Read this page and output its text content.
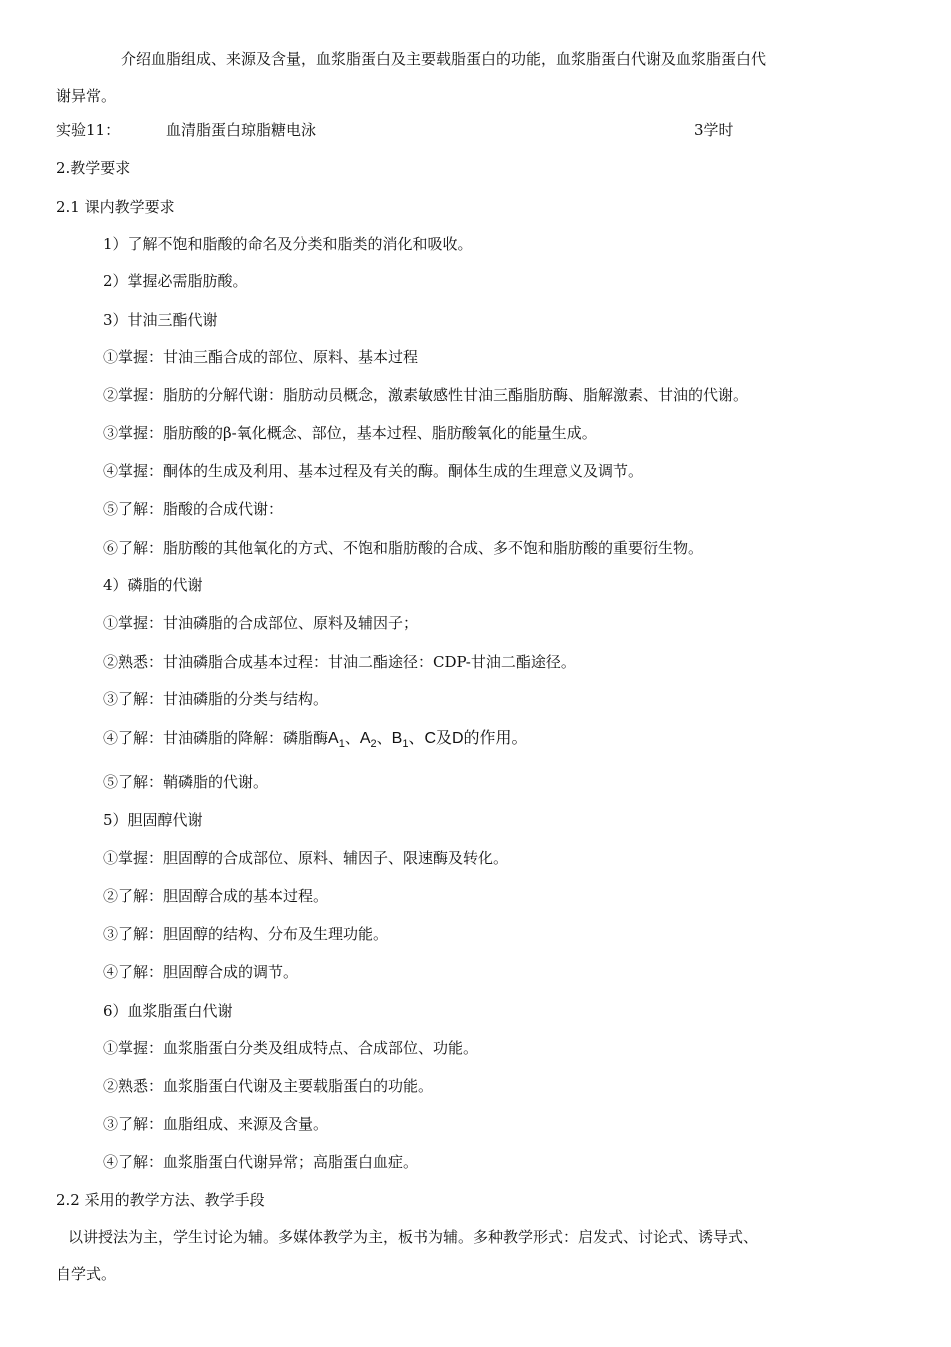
介绍血脂组成、来源及含量，血浆脂蛋白及主要载脂蛋白的功能，血浆脂蛋白代谢及血浆脂蛋白代
谢异常。
实验11：	血清脂蛋白琼脂糖电泳	3学时
2.教学要求
2.1 课内教学要求
1）了解不饱和脂酸的命名及分类和脂类的消化和吸收。
2）掌握必需脂肪酸。
3）甘油三酯代谢
①掌握：甘油三酯合成的部位、原料、基本过程
②掌握：脂肪的分解代谢：脂肪动员概念，激素敏感性甘油三酯脂肪酶、脂解激素、甘油的代谢。
③掌握：脂肪酸的β-氧化概念、部位，基本过程、脂肪酸氧化的能量生成。
④掌握：酮体的生成及利用、基本过程及有关的酶。酮体生成的生理意义及调节。
⑤了解：脂酸的合成代谢：
⑥了解：脂肪酸的其他氧化的方式、不饱和脂肪酸的合成、多不饱和脂肪酸的重要衍生物。
4）磷脂的代谢
①掌握：甘油磷脂的合成部位、原料及辅因子；
②熟悉：甘油磷脂合成基本过程：甘油二酯途径：CDP-甘油二酯途径。
③了解：甘油磷脂的分类与结构。
④了解：甘油磷脂的降解：磷脂酶$A_1$、$A_2$、$B_1$、C及D的作用。
⑤了解：鞘磷脂的代谢。
5）胆固醇代谢
①掌握：胆固醇的合成部位、原料、辅因子、限速酶及转化。
②了解：胆固醇合成的基本过程。
③了解：胆固醇的结构、分布及生理功能。
④了解：胆固醇合成的调节。
6）血浆脂蛋白代谢
①掌握：血浆脂蛋白分类及组成特点、合成部位、功能。
②熟悉：血浆脂蛋白代谢及主要载脂蛋白的功能。
③了解：血脂组成、来源及含量。
④了解：血浆脂蛋白代谢异常；高脂蛋白血症。
2.2 采用的教学方法、教学手段
以讲授法为主，学生讨论为辅。多媒体教学为主，板书为辅。多种教学形式：启发式、讨论式、诱导式、
自学式。
